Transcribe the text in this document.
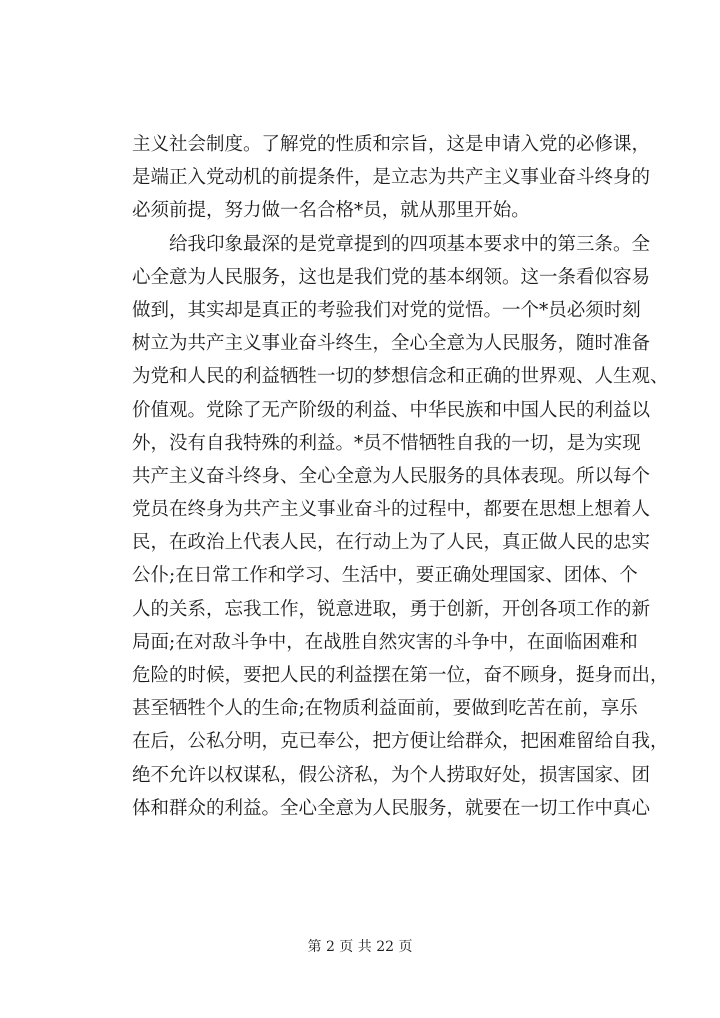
主义社会制度。了解党的性质和宗旨，这是申请入党的必修课，
是端正入党动机的前提条件，是立志为共产主义事业奋斗终身的
必须前提，努力做一名合格*员，就从那里开始。
　　给我印象最深的是党章提到的四项基本要求中的第三条。全
心全意为人民服务，这也是我们党的基本纲领。这一条看似容易
做到，其实却是真正的考验我们对党的觉悟。一个*员必须时刻
树立为共产主义事业奋斗终生，全心全意为人民服务，随时准备
为党和人民的利益牺牲一切的梦想信念和正确的世界观、人生观、
价值观。党除了无产阶级的利益、中华民族和中国人民的利益以
外，没有自我特殊的利益。*员不惜牺牲自我的一切，是为实现
共产主义奋斗终身、全心全意为人民服务的具体表现。所以每个
党员在终身为共产主义事业奋斗的过程中，都要在思想上想着人
民，在政治上代表人民，在行动上为了人民，真正做人民的忠实
公仆;在日常工作和学习、生活中，要正确处理国家、团体、个
人的关系，忘我工作，锐意进取，勇于创新，开创各项工作的新
局面;在对敌斗争中，在战胜自然灾害的斗争中，在面临困难和
危险的时候，要把人民的利益摆在第一位，奋不顾身，挺身而出，
甚至牺牲个人的生命;在物质利益面前，要做到吃苦在前，享乐
在后，公私分明，克已奉公，把方便让给群众，把困难留给自我，
绝不允许以权谋私，假公济私，为个人捞取好处，损害国家、团
体和群众的利益。全心全意为人民服务，就要在一切工作中真心
第 2 页 共 22 页
